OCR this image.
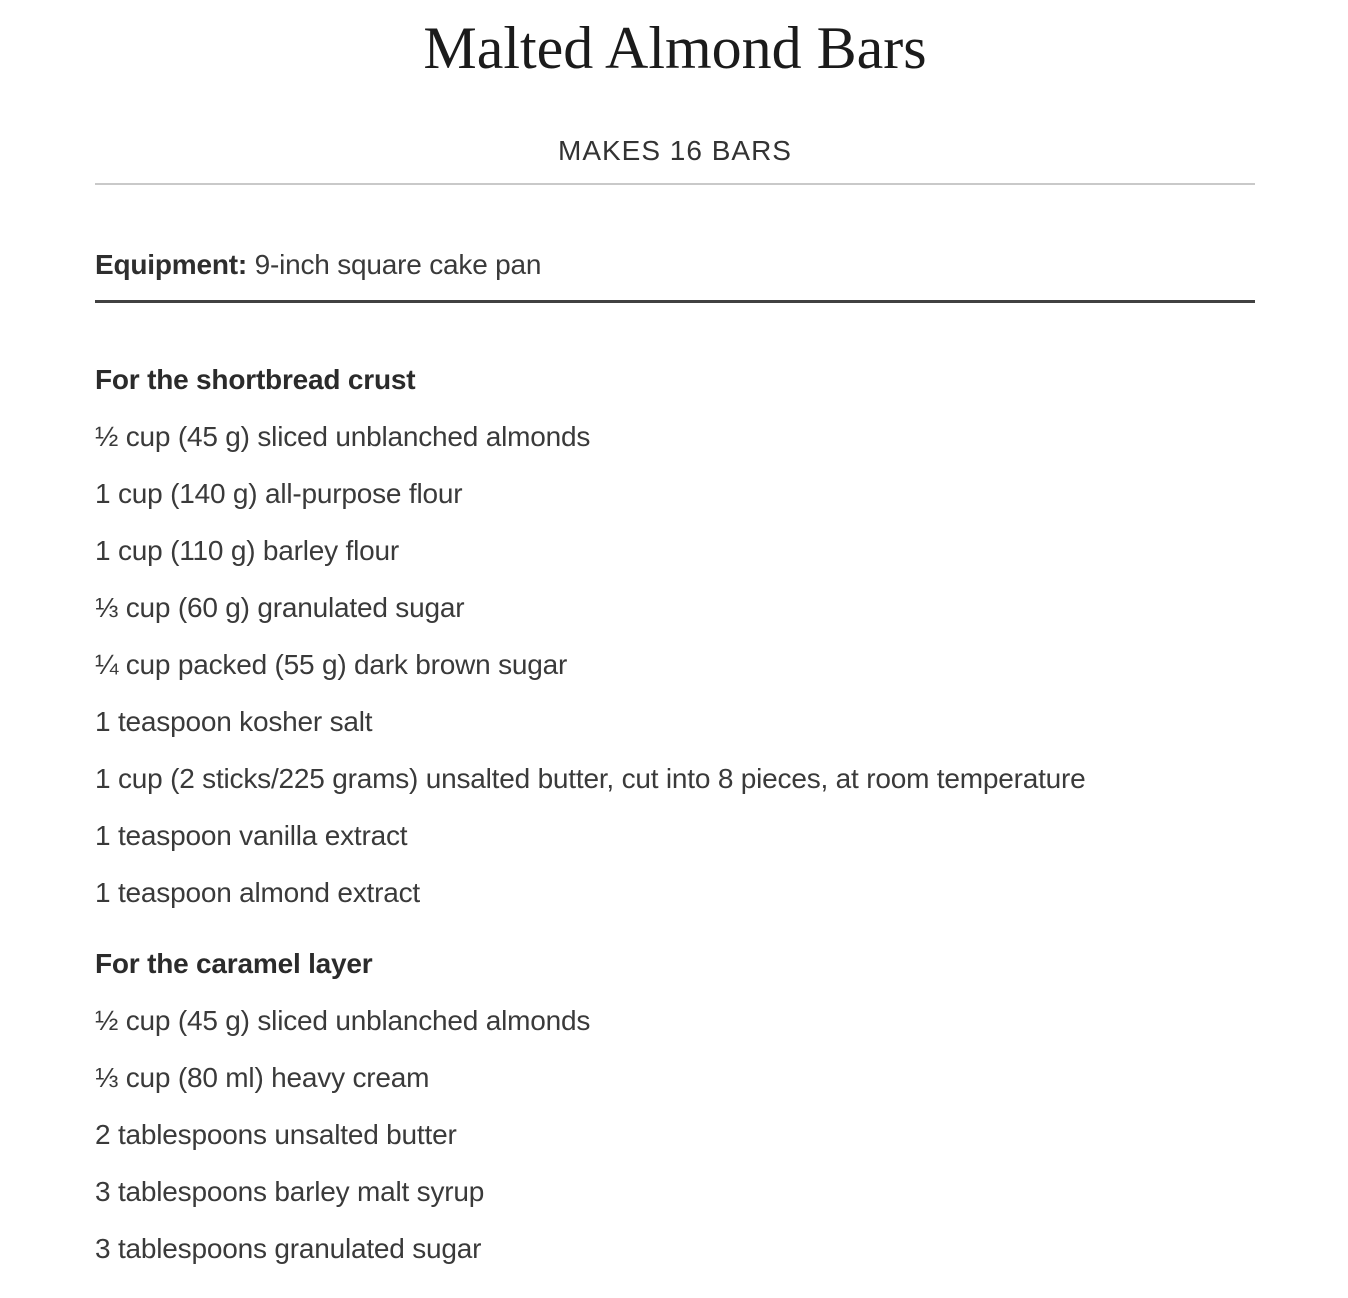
Malted Almond Bars
MAKES 16 BARS

Equipment: 9-inch square cake pan

For the shortbread crust

½ cup (45 g) sliced unblanched almonds

1 cup (140 g) all-purpose flour

1 cup (110 g) barley flour

⅓ cup (60 g) granulated sugar

¼ cup packed (55 g) dark brown sugar

1 teaspoon kosher salt

1 cup (2 sticks/225 grams) unsalted butter, cut into 8 pieces, at room temperature

1 teaspoon vanilla extract

1 teaspoon almond extract

For the caramel layer

½ cup (45 g) sliced unblanched almonds

⅓ cup (80 ml) heavy cream

2 tablespoons unsalted butter

3 tablespoons barley malt syrup

3 tablespoons granulated sugar
